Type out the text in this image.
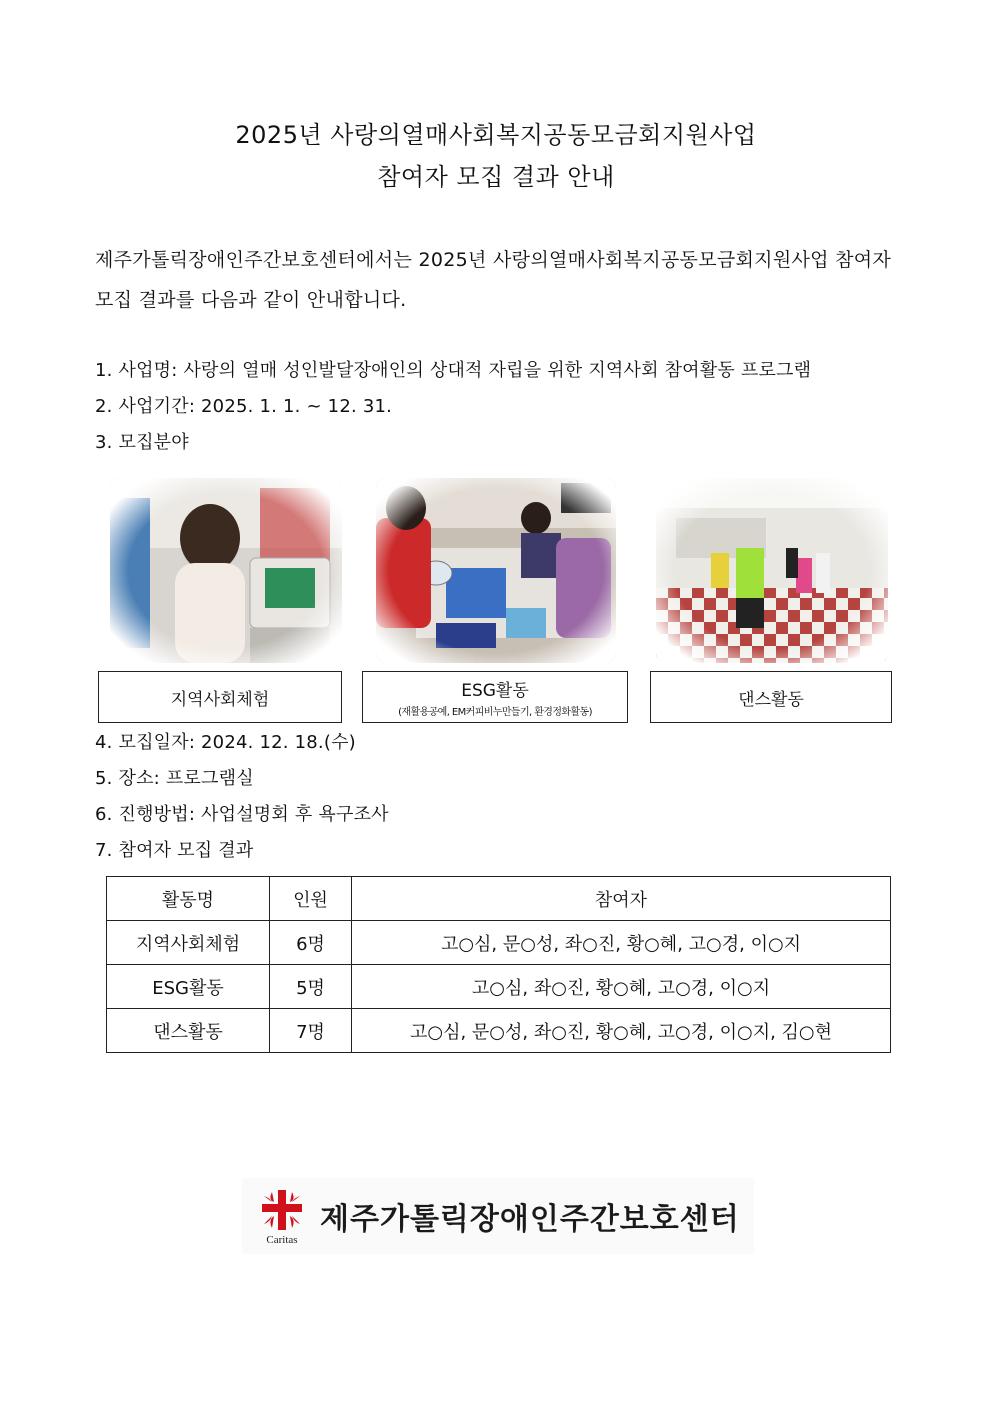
2025년 사랑의열매사회복지공동모금회지원사업
참여자 모집 결과 안내
제주가톨릭장애인주간보호센터에서는 2025년 사랑의열매사회복지공동모금회지원사업 참여자 모집 결과를 다음과 같이 안내합니다.
1. 사업명: 사랑의 열매 성인발달장애인의 상대적 자립을 위한 지역사회 참여활동 프로그램
2. 사업기간: 2025. 1. 1. ~ 12. 31.
3. 모집분야
지역사회체험	ESG활동
(재활용공예, EM커피비누만들기, 환경정화활동)
댄스활동
4. 모집일자: 2024. 12. 18.(수)
5. 장소: 프로그램실
6. 진행방법: 사업설명회 후 욕구조사
7. 참여자 모집 결과
활동명	인원	참여자
지역사회체험	6명	고○심, 문○성, 좌○진, 황○혜, 고○경, 이○지
ESG활동	5명	고○심, 좌○진, 황○혜, 고○경, 이○지
댄스활동	7명	고○심, 문○성, 좌○진, 황○혜, 고○경, 이○지, 김○현
Caritas
제주가톨릭장애인주간보호센터
